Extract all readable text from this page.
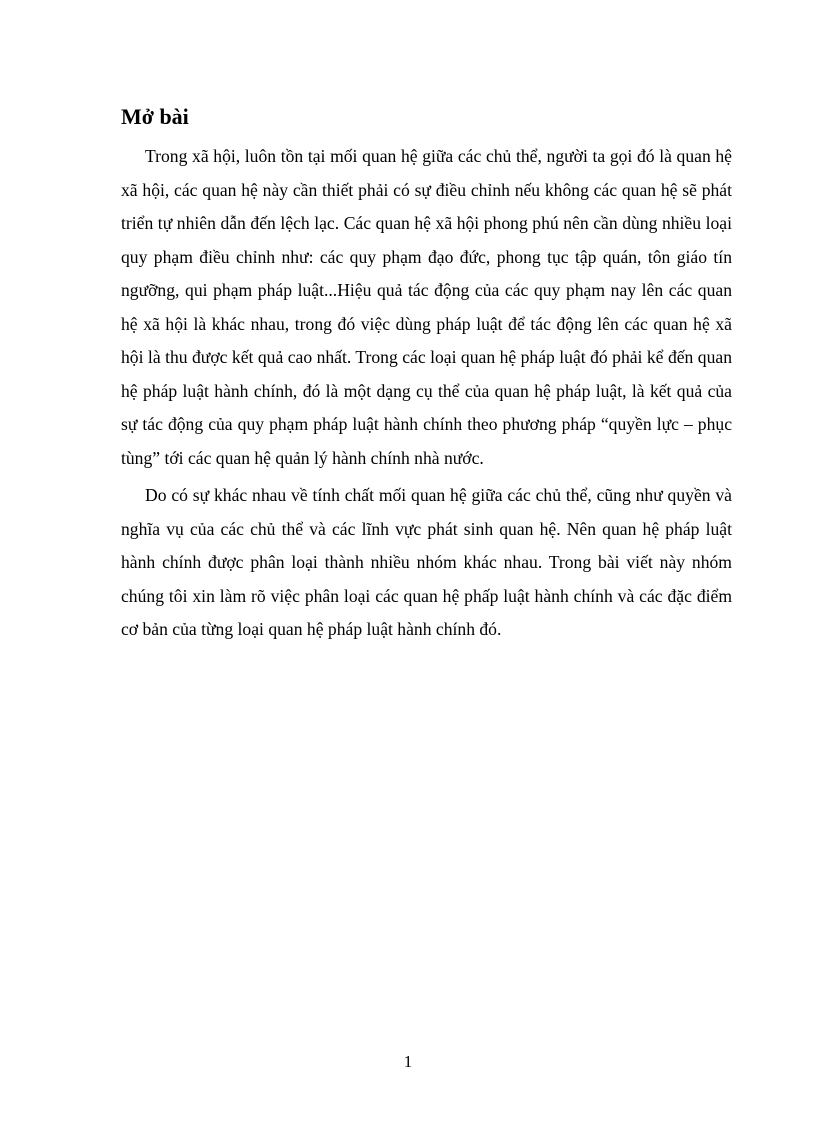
Mở bài

Trong xã hội, luôn tồn tại mối quan hệ giữa các chủ thể, người ta gọi đó là quan hệ xã hội, các quan hệ này cần thiết phải có sự điều chỉnh nếu không các quan hệ sẽ phát triển tự nhiên dẫn đến lệch lạc. Các quan hệ xã hội phong phú nên cần dùng nhiều loại quy phạm điều chỉnh như: các quy phạm đạo đức, phong tục tập quán, tôn giáo tín ngưỡng, qui phạm pháp luật...Hiệu quả tác động của các quy phạm nay lên các quan hệ xã hội là khác nhau, trong đó việc dùng pháp luật để tác động lên các quan hệ xã hội là thu được kết quả cao nhất. Trong các loại quan hệ pháp luật đó phải kể đến quan hệ pháp luật hành chính, đó là một dạng cụ thể của quan hệ pháp luật, là kết quả của sự tác động của quy phạm pháp luật hành chính theo phương pháp “quyền lực – phục tùng” tới các quan hệ quản lý hành chính nhà nước.

Do có sự khác nhau về tính chất mối quan hệ giữa các chủ thể, cũng như quyền và nghĩa vụ của các chủ thể và các lĩnh vực phát sinh quan hệ. Nên quan hệ pháp luật hành chính được phân loại thành nhiều nhóm khác nhau. Trong bài viết này nhóm chúng tôi xin làm rõ việc phân loại các quan hệ phấp luật hành chính và các đặc điểm cơ bản của từng loại quan hệ pháp luật hành chính đó.

1
